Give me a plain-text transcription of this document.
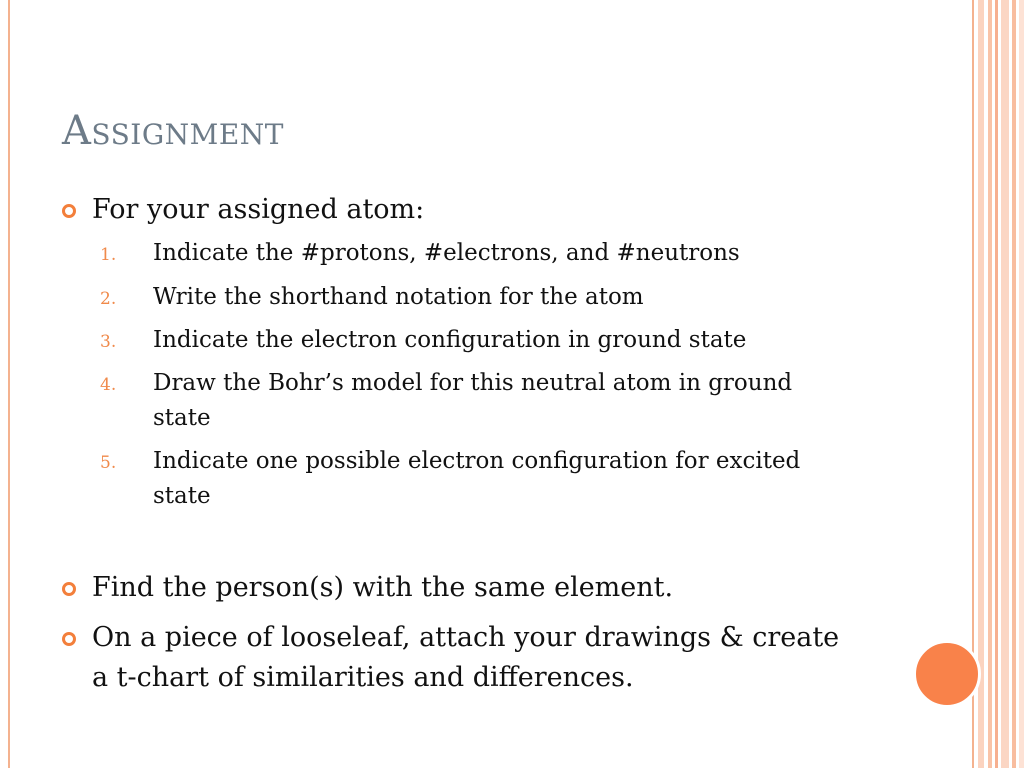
Assignment
For your assigned atom:
1. Indicate the #protons, #electrons, and #neutrons
2. Write the shorthand notation for the atom
3. Indicate the electron configuration in ground state
4. Draw the Bohr’s model for this neutral atom in ground state
5. Indicate one possible electron configuration for excited state
Find the person(s) with the same element.
On a piece of looseleaf, attach your drawings & create a t-chart of similarities and differences.
